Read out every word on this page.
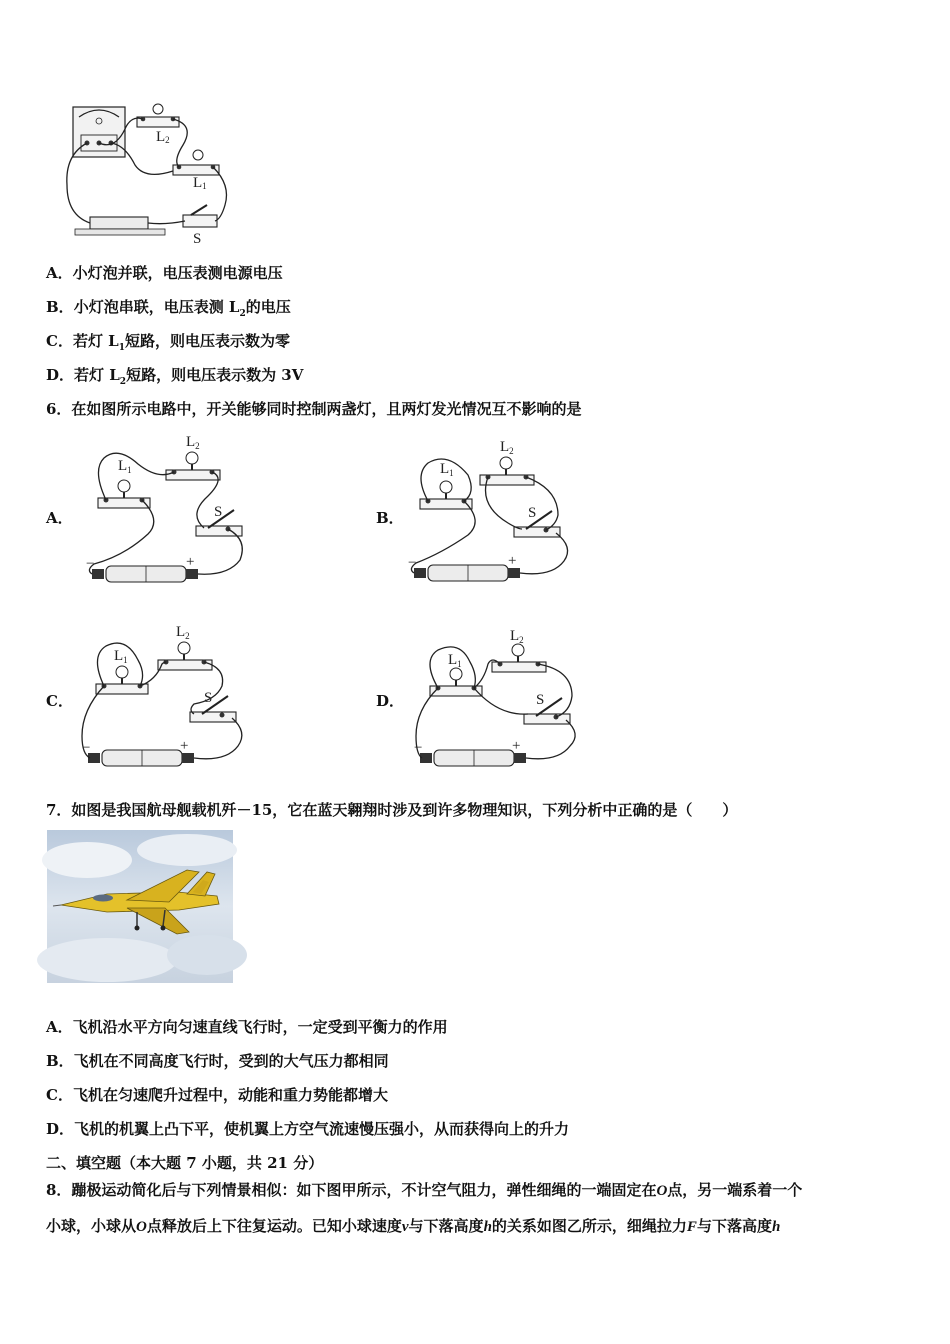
L2
L1
S
A．小灯泡并联，电压表测电源电压
B．小灯泡串联，电压表测 $L_2$的电压
C．若灯 $L_1$短路，则电压表示数为零
D．若灯 $L_2$短路，则电压表示数为 3V
6．在如图所示电路中，开关能够同时控制两盏灯，且两灯发光情况互不影响的是
A．	B．
C．	D．
$L_1$
$L_2$
S
−	+
$L_1$
$L_2$
S
−	+
$L_1$
$L_2$
S
−	+
$L_1$
$L_2$
S
−	+
7．如图是我国航母舰载机歼－15，它在蓝天翱翔时涉及到许多物理知识，下列分析中正确的是（　　）
A．飞机沿水平方向匀速直线飞行时，一定受到平衡力的作用
B．飞机在不同高度飞行时，受到的大气压力都相同
C．飞机在匀速爬升过程中，动能和重力势能都增大
D．飞机的机翼上凸下平，使机翼上方空气流速慢压强小，从而获得向上的升力
二、填空题（本大题 7 小题，共 21 分）
8．蹦极运动简化后与下列情景相似：如下图甲所示，不计空气阻力，弹性细绳的一端固定在O点，另一端系着一个
小球，小球从O点释放后上下往复运动。已知小球速度v与下落高度h的关系如图乙所示，细绳拉力F与下落高度h
